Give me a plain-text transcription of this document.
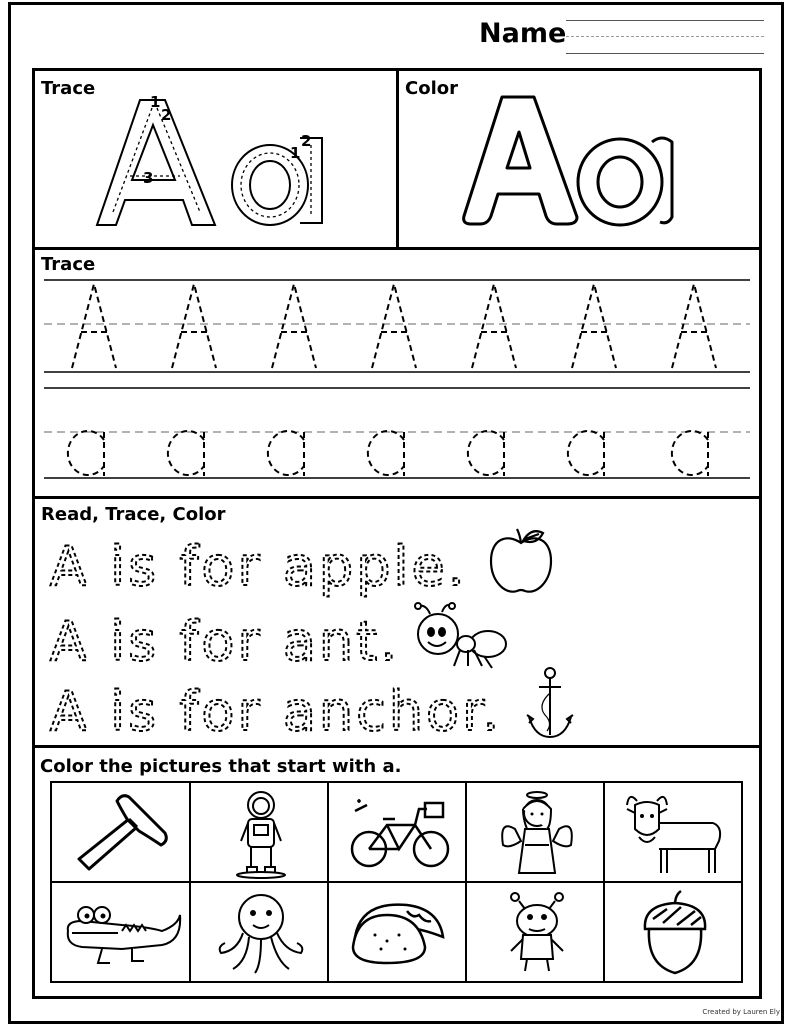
Name
Trace	Color
1
2
3
1
2
Trace
Read, Trace, Color
A is for apple.
A is for ant.
A is for anchor.
Color the pictures that start with a.
Created by Lauren Ely
